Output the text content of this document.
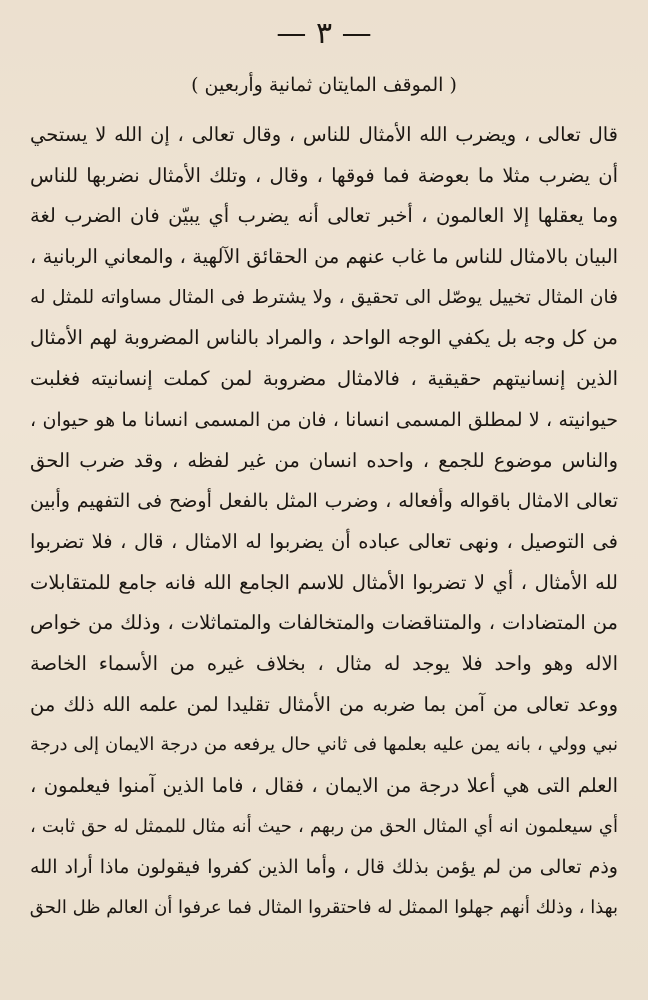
— ٣ —
( الموقف المايتان ثمانية وأربعين )
قال تعالى ، ويضرب الله الأمثال للناس ، وقال تعالى ، إن الله لا يستحي
أن يضرب مثلا ما بعوضة فما فوقها ، وقال ، وتلك الأمثال نضربها للناس
وما يعقلها إلا العالمون ، أخبر تعالى أنه يضرب أي يبيّن فان الضرب لغة
البيان بالامثال للناس ما غاب عنهم من الحقائق الآلهية ، والمعاني الربانية ،
فان المثال تخييل يوصّل الى تحقيق ، ولا يشترط فى المثال مساواته للمثل له
من كل وجه بل يكفي الوجه الواحد ، والمراد بالناس المضروبة لهم الأمثال
الذين إنسانيتهم حقيقية ، فالامثال مضروبة لمن كملت إنسانيته فغلبت
حيوانيته ، لا لمطلق المسمى انسانا ، فان من المسمى انسانا ما هو حيوان ،
والناس موضوع للجمع ، واحده انسان من غير لفظه ، وقد ضرب الحق
تعالى الامثال باقواله وأفعاله ، وضرب المثل بالفعل أوضح فى التفهيم وأبين
فى التوصيل ، ونهى تعالى عباده أن يضربوا له الامثال ، قال ، فلا تضربوا
لله الأمثال ، أي لا تضربوا الأمثال للاسم الجامع الله فانه جامع للمتقابلات
من المتضادات ، والمتناقضات والمتخالفات والمتماثلات ، وذلك من خواص
الاله وهو واحد فلا يوجد له مثال ، بخلاف غيره من الأسماء الخاصة
ووعد تعالى من آمن بما ضربه من الأمثال تقليدا لمن علمه الله ذلك من
نبي وولي ، بانه يمن عليه بعلمها فى ثاني حال يرفعه من درجة الايمان إلى درجة
العلم التى هي أعلا درجة من الايمان ، فقال ، فاما الذين آمنوا فيعلمون ،
أي سيعلمون انه أي المثال الحق من ربهم ، حيث أنه مثال للممثل له حق ثابت ،
وذم تعالى من لم يؤمن بذلك قال ، وأما الذين كفروا فيقولون ماذا أراد الله
بهذا ، وذلك أنهم جهلوا الممثل له فاحتقروا المثال فما عرفوا أن العالم ظل الحق
